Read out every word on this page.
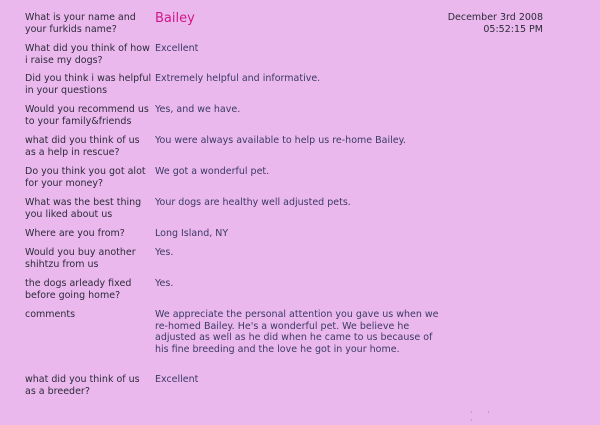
What is your name and your furkids name?
Bailey
What did you think of how i raise my dogs?
Excellent
Did you think i was helpful in your questions
Extremely helpful and informative.
Would you recommend us to your family&friends
Yes, and we have.
what did you think of us as a help in rescue?
You were always available to help us re-home Bailey.
Do you think you got alot for your money?
We got a wonderful pet.
What was the best thing you liked about us
Your dogs are healthy well adjusted pets.
Where are you from?	Long Island, NY
Would you buy another shihtzu from us
Yes.
the dogs arleady fixed before going home?
Yes.
comments	We appreciate the personal attention you gave us when we re-homed Bailey. He's a wonderful pet. We believe he adjusted as well as he did when he came to us because of his fine breeding and the love he got in your home.
what did you think of us as a breeder?
Excellent
December 3rd 2008
05:52:15 PM
· · ·
